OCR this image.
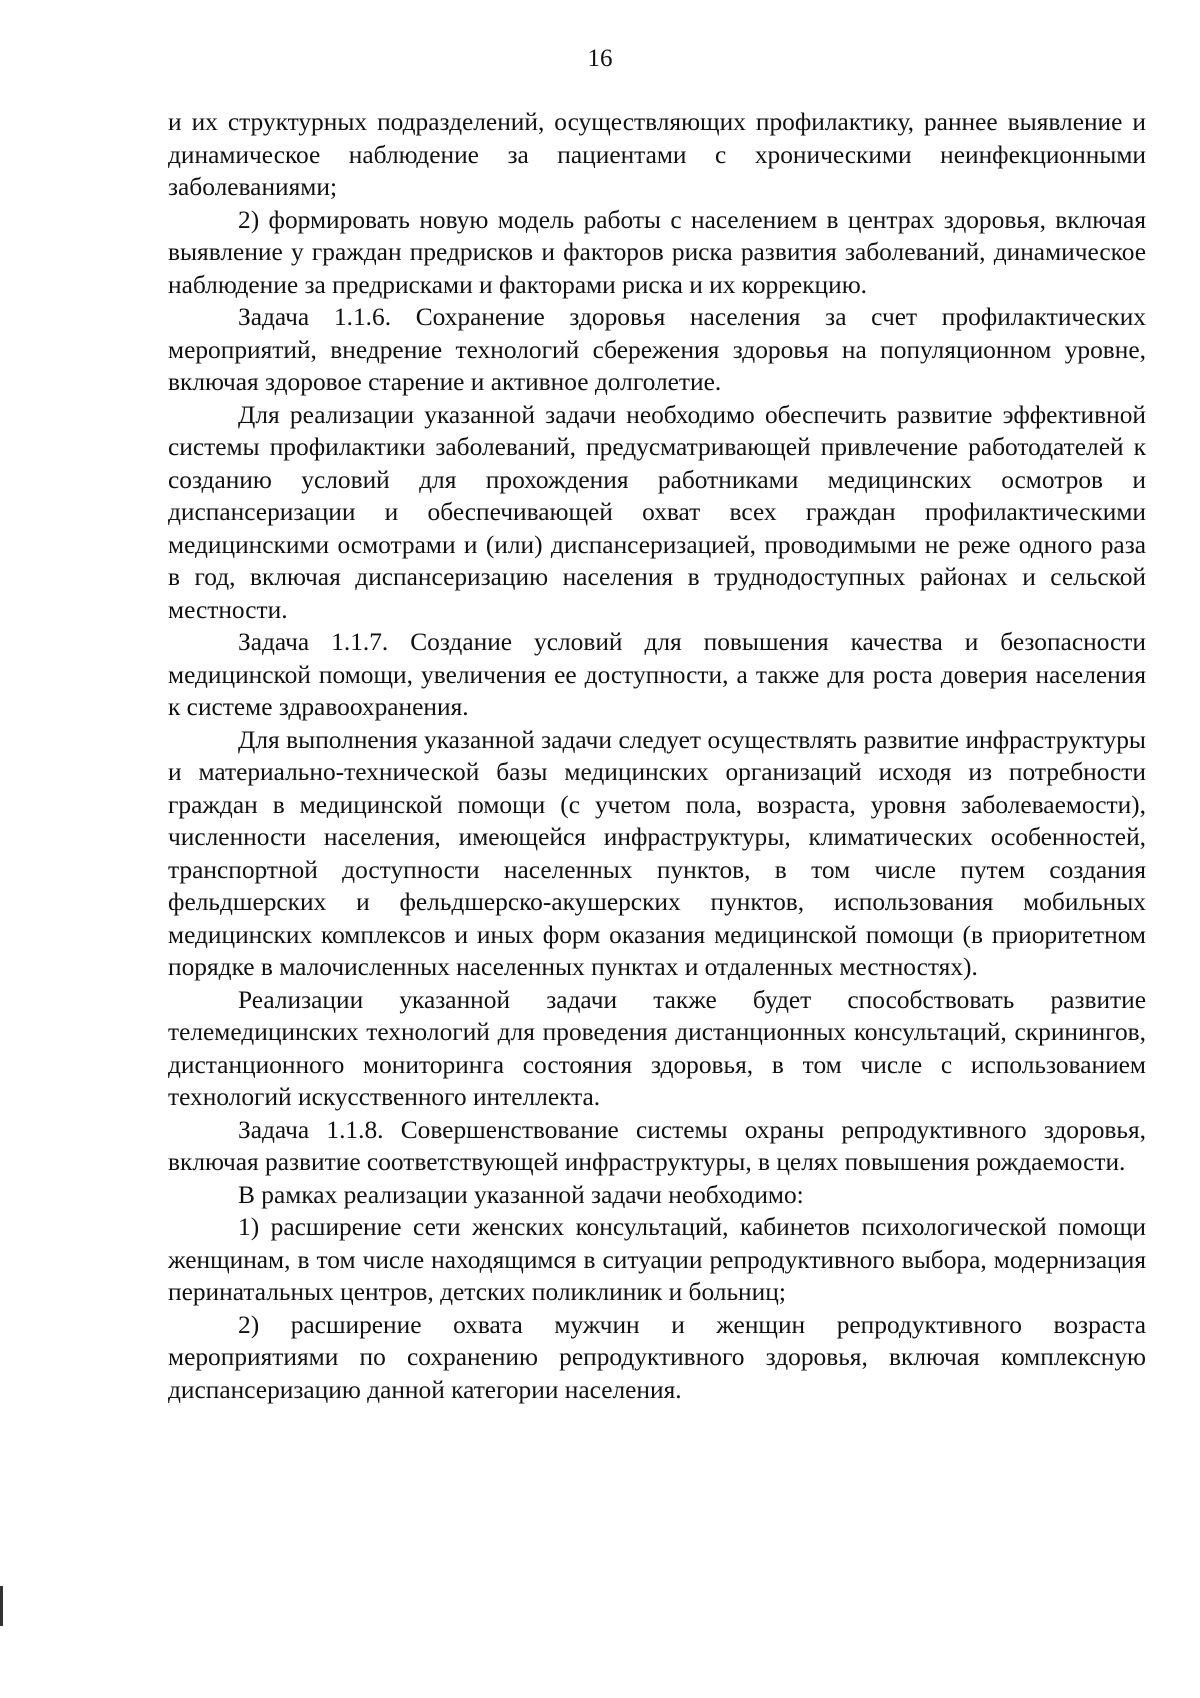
16

и их структурных подразделений, осуществляющих профилактику, раннее выявление и динамическое наблюдение за пациентами с хроническими неинфекционными заболеваниями;

2) формировать новую модель работы с населением в центрах здоровья, включая выявление у граждан предрисков и факторов риска развития заболеваний, динамическое наблюдение за предрисками и факторами риска и их коррекцию.

Задача 1.1.6. Сохранение здоровья населения за счет профилактических мероприятий, внедрение технологий сбережения здоровья на популяционном уровне, включая здоровое старение и активное долголетие.

Для реализации указанной задачи необходимо обеспечить развитие эффективной системы профилактики заболеваний, предусматривающей привлечение работодателей к созданию условий для прохождения работниками медицинских осмотров и диспансеризации и обеспечивающей охват всех граждан профилактическими медицинскими осмотрами и (или) диспансеризацией, проводимыми не реже одного раза в год, включая диспансеризацию населения в труднодоступных районах и сельской местности.

Задача 1.1.7. Создание условий для повышения качества и безопасности медицинской помощи, увеличения ее доступности, а также для роста доверия населения к системе здравоохранения.

Для выполнения указанной задачи следует осуществлять развитие инфраструктуры и материально-технической базы медицинских организаций исходя из потребности граждан в медицинской помощи (с учетом пола, возраста, уровня заболеваемости), численности населения, имеющейся инфраструктуры, климатических особенностей, транспортной доступности населенных пунктов, в том числе путем создания фельдшерских и фельдшерско-акушерских пунктов, использования мобильных медицинских комплексов и иных форм оказания медицинской помощи (в приоритетном порядке в малочисленных населенных пунктах и отдаленных местностях).

Реализации указанной задачи также будет способствовать развитие телемедицинских технологий для проведения дистанционных консультаций, скринингов, дистанционного мониторинга состояния здоровья, в том числе с использованием технологий искусственного интеллекта.

Задача 1.1.8. Совершенствование системы охраны репродуктивного здоровья, включая развитие соответствующей инфраструктуры, в целях повышения рождаемости.

В рамках реализации указанной задачи необходимо:

1) расширение сети женских консультаций, кабинетов психологической помощи женщинам, в том числе находящимся в ситуации репродуктивного выбора, модернизация перинатальных центров, детских поликлиник и больниц;

2) расширение охвата мужчин и женщин репродуктивного возраста мероприятиями по сохранению репродуктивного здоровья, включая комплексную диспансеризацию данной категории населения.
